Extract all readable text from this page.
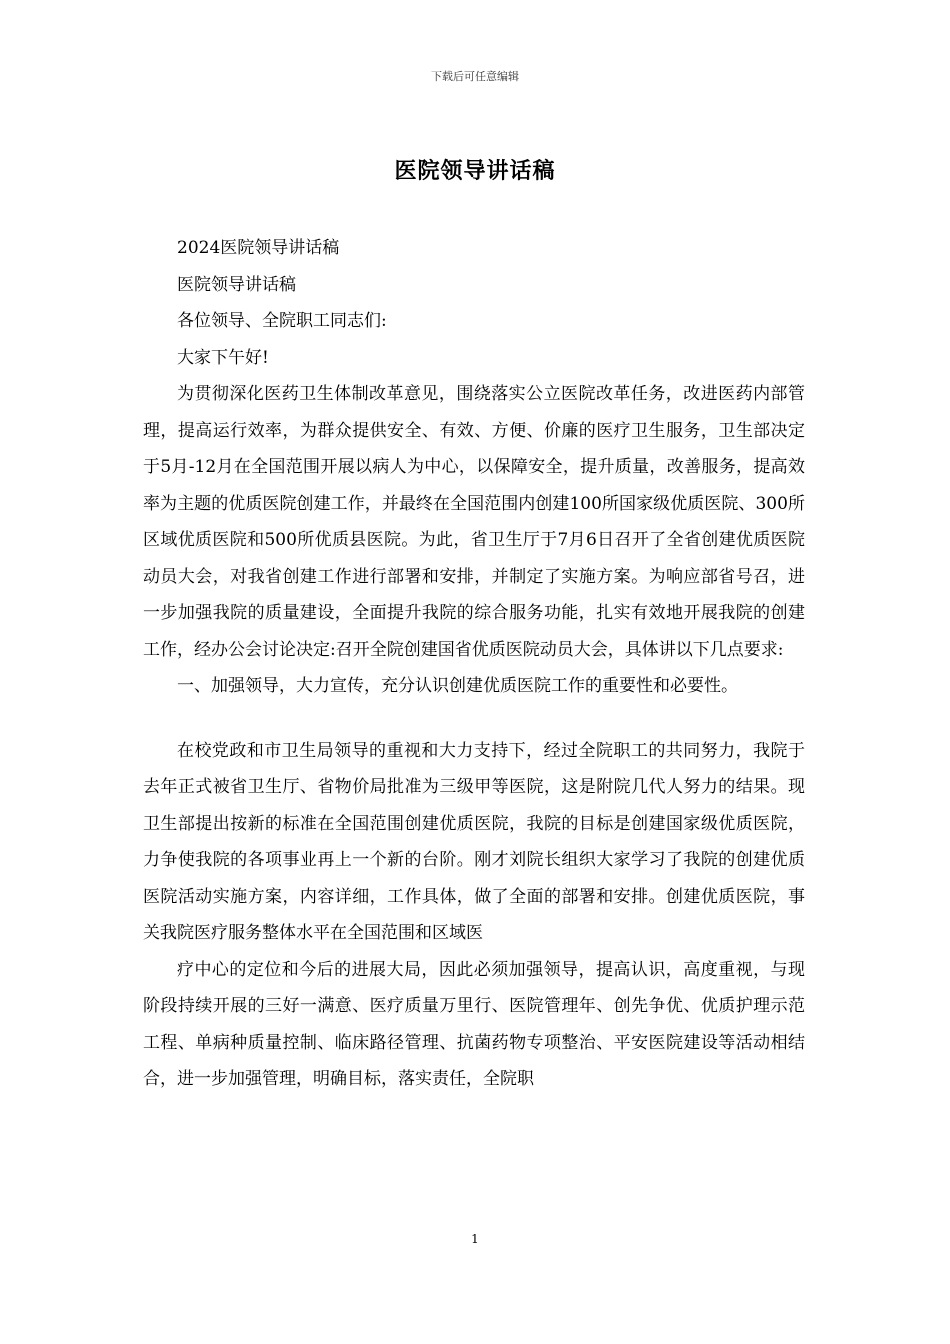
下载后可任意编辑
医院领导讲话稿

2024医院领导讲话稿

医院领导讲话稿

各位领导、全院职工同志们:

大家下午好!

为贯彻深化医药卫生体制改革意见，围绕落实公立医院改革任务，改进医药内部管理，提高运行效率，为群众提供安全、有效、方便、价廉的医疗卫生服务，卫生部决定于5月-12月在全国范围开展以病人为中心，以保障安全，提升质量，改善服务，提高效率为主题的优质医院创建工作，并最终在全国范围内创建100所国家级优质医院、300所区域优质医院和500所优质县医院。为此，省卫生厅于7月6日召开了全省创建优质医院动员大会，对我省创建工作进行部署和安排，并制定了实施方案。为响应部省号召，进一步加强我院的质量建设，全面提升我院的综合服务功能，扎实有效地开展我院的创建工作，经办公会讨论决定:召开全院创建国省优质医院动员大会，具体讲以下几点要求:

一、加强领导，大力宣传，充分认识创建优质医院工作的重要性和必要性。

在校党政和市卫生局领导的重视和大力支持下，经过全院职工的共同努力，我院于去年正式被省卫生厅、省物价局批准为三级甲等医院，这是附院几代人努力的结果。现卫生部提出按新的标准在全国范围创建优质医院，我院的目标是创建国家级优质医院，力争使我院的各项事业再上一个新的台阶。刚才刘院长组织大家学习了我院的创建优质医院活动实施方案，内容详细，工作具体，做了全面的部署和安排。创建优质医院，事关我院医疗服务整体水平在全国范围和区域医

疗中心的定位和今后的进展大局，因此必须加强领导，提高认识，高度重视，与现阶段持续开展的三好一满意、医疗质量万里行、医院管理年、创先争优、优质护理示范工程、单病种质量控制、临床路径管理、抗菌药物专项整治、平安医院建设等活动相结合，进一步加强管理，明确目标，落实责任，全院职

1
